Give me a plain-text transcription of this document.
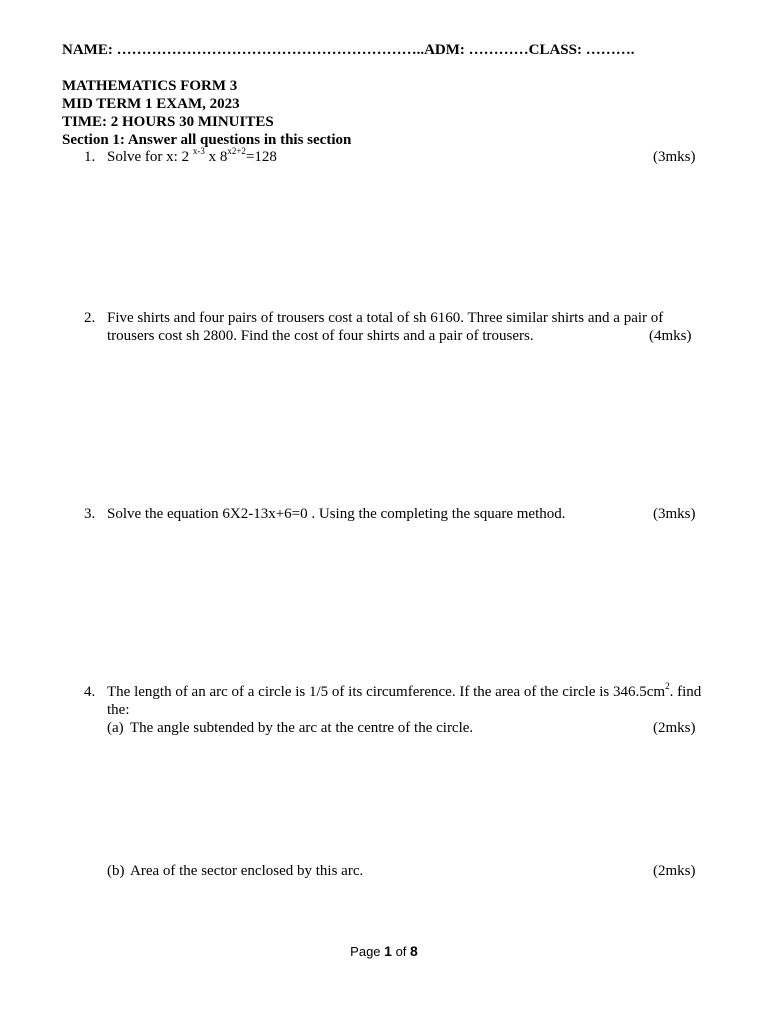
NAME: ……………………………………………………..ADM: …………CLASS: ……….
MATHEMATICS FORM 3
MID TERM 1 EXAM, 2023
TIME: 2 HOURS 30 MINUITES
Section 1: Answer all questions in this section
1. Solve for x: 2 $^{x-3}$ x $8^{x2+2}=128$	(3mks)
2. Five shirts and four pairs of trousers cost a total of sh 6160. Three similar shirts and a pair of
trousers cost sh 2800. Find the cost of four shirts and a pair of trousers.	(4mks)
3. Solve the equation 6X2-13x+6=0 . Using the completing the square method.	(3mks)
4. The length of an arc of a circle is 1/5 of its circumference. If the area of the circle is $346.5cm^2$. find
the:
(a) The angle subtended by the arc at the centre of the circle.	(2mks)
(b) Area of the sector enclosed by this arc.	(2mks)
Page 1 of 8
